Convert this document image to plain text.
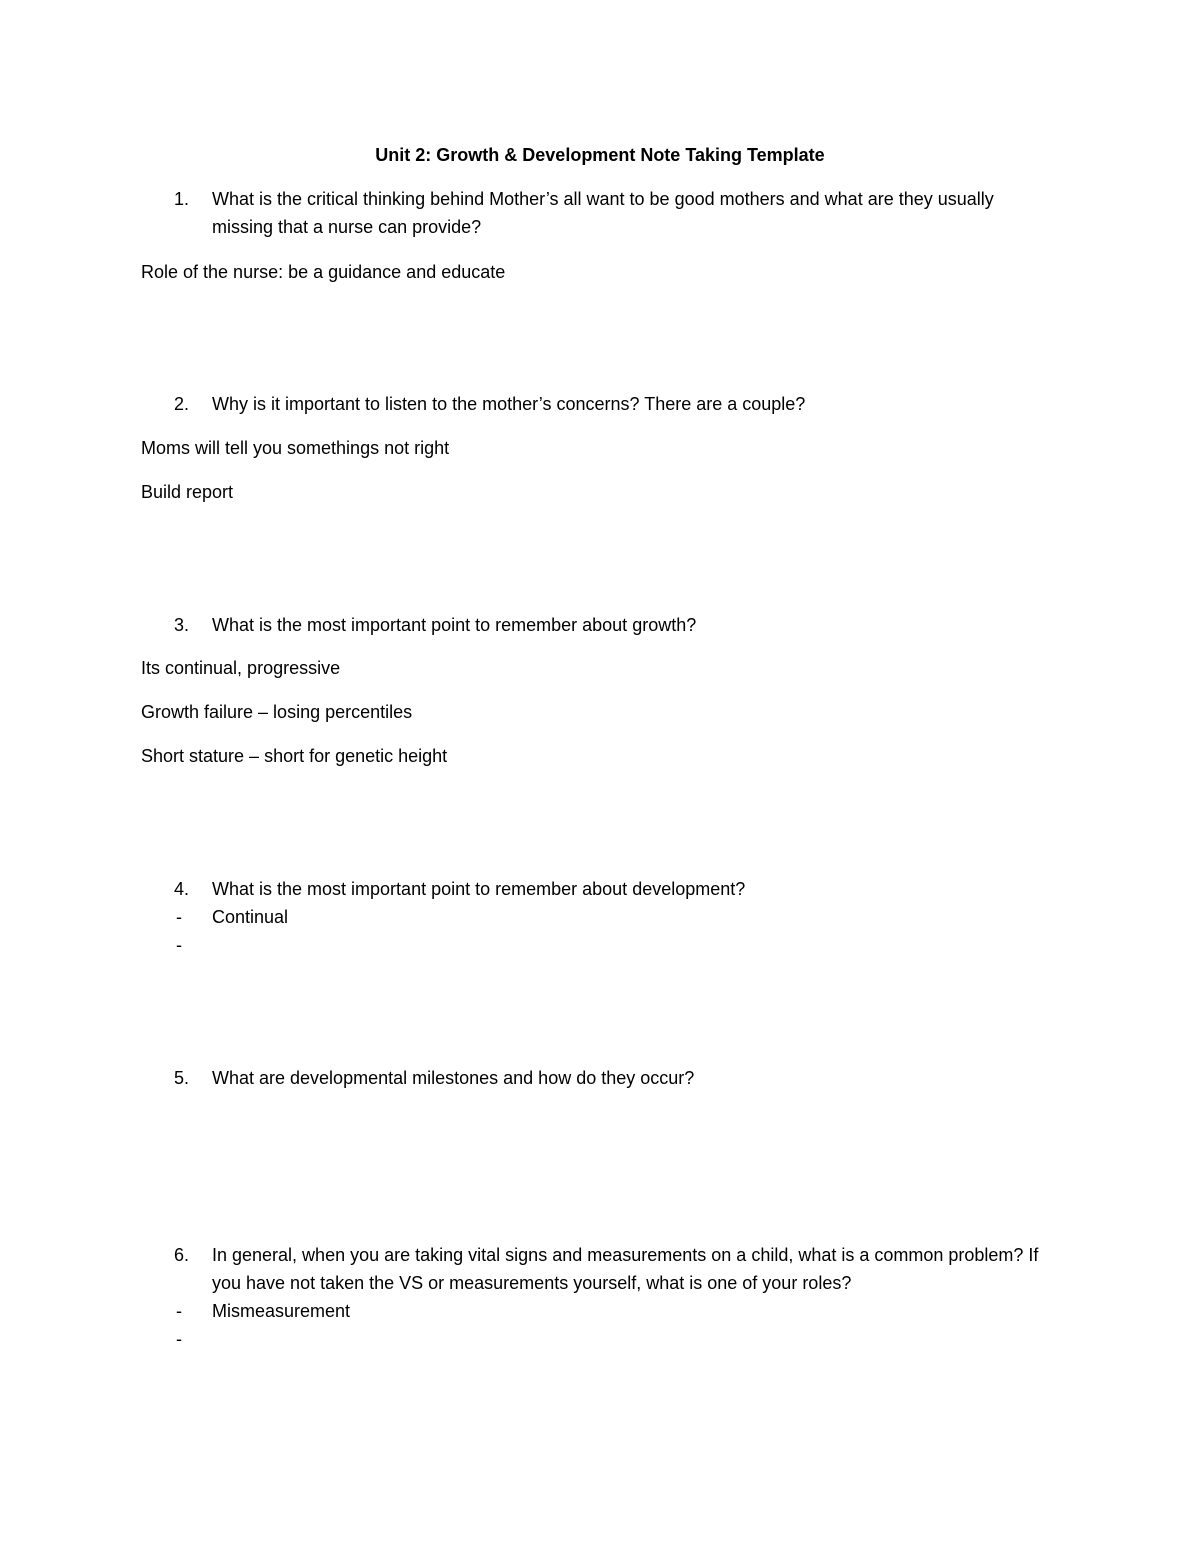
Unit 2: Growth & Development Note Taking Template
1. What is the critical thinking behind Mother’s all want to be good mothers and what are they usually missing that a nurse can provide?
Role of the nurse: be a guidance and educate
2. Why is it important to listen to the mother’s concerns? There are a couple?
Moms will tell you somethings not right
Build report
3. What is the most important point to remember about growth?
Its continual, progressive
Growth failure – losing percentiles
Short stature – short for genetic height
4. What is the most important point to remember about development?
- Continual
-
5. What are developmental milestones and how do they occur?
6. In general, when you are taking vital signs and measurements on a child, what is a common problem? If you have not taken the VS or measurements yourself, what is one of your roles?
- Mismeasurement
-
